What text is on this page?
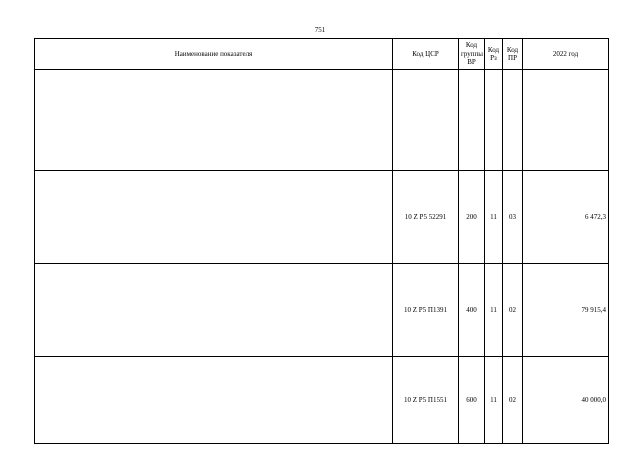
751
Наименование показателя	Код ЦСР	Код группы ВР	Код Рз	Код ПР	2022 год

	10 Z P5 52291	200	11	03	6 472,3
	10 Z P5 П1391	400	11	02	79 915,4
	10 Z P5 П1551	600	11	02	40 000,0
